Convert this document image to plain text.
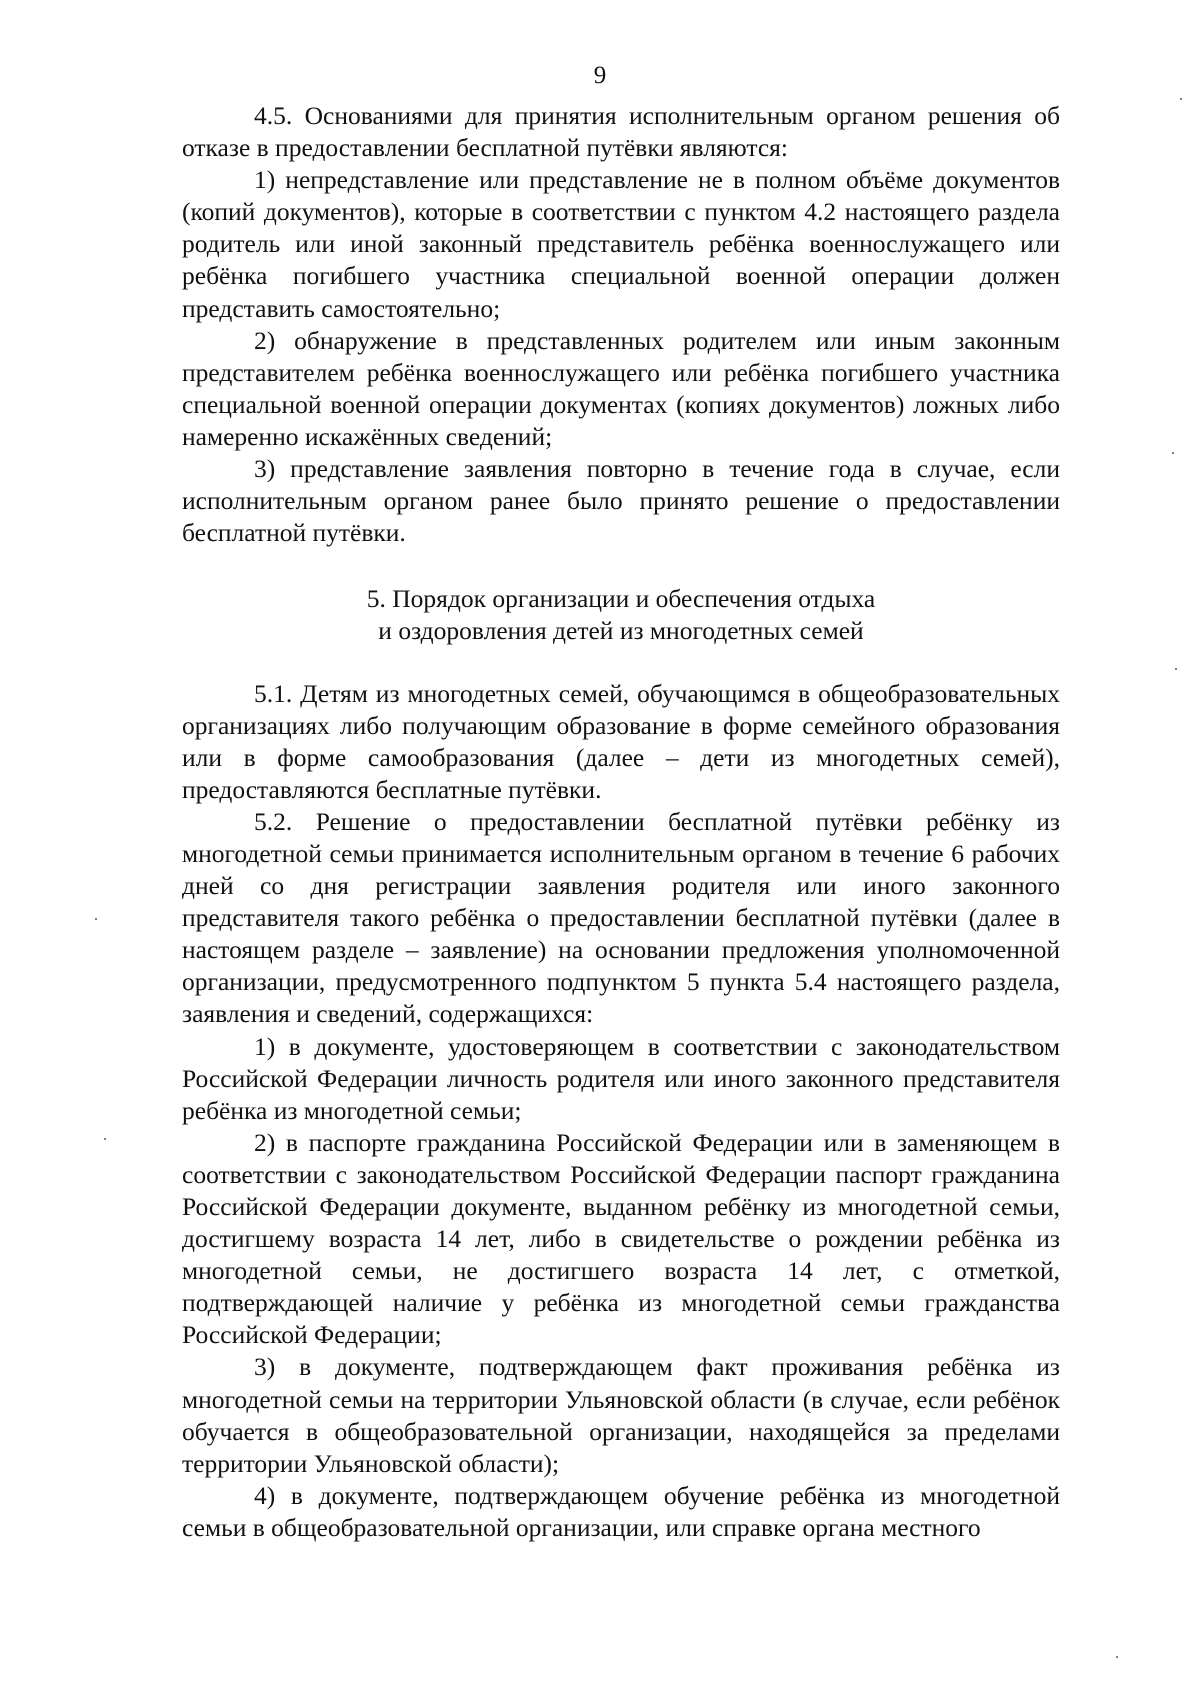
9

4.5. Основаниями для принятия исполнительным органом решения об отказе в предоставлении бесплатной путёвки являются:

1) непредставление или представление не в полном объёме документов (копий документов), которые в соответствии с пунктом 4.2 настоящего раздела родитель или иной законный представитель ребёнка военнослужащего или ребёнка погибшего участника специальной военной операции должен представить самостоятельно;

2) обнаружение в представленных родителем или иным законным представителем ребёнка военнослужащего или ребёнка погибшего участника специальной военной операции документах (копиях документов) ложных либо намеренно искажённых сведений;

3) представление заявления повторно в течение года в случае, если исполнительным органом ранее было принято решение о предоставлении бесплатной путёвки.

5. Порядок организации и обеспечения отдыха
и оздоровления детей из многодетных семей

5.1. Детям из многодетных семей, обучающимся в общеобразовательных организациях либо получающим образование в форме семейного образования или в форме самообразования (далее – дети из многодетных семей), предоставляются бесплатные путёвки.

5.2. Решение о предоставлении бесплатной путёвки ребёнку из многодетной семьи принимается исполнительным органом в течение 6 рабочих дней со дня регистрации заявления родителя или иного законного представителя такого ребёнка о предоставлении бесплатной путёвки (далее в настоящем разделе – заявление) на основании предложения уполномоченной организации, предусмотренного подпунктом 5 пункта 5.4 настоящего раздела, заявления и сведений, содержащихся:

1) в документе, удостоверяющем в соответствии с законодательством Российской Федерации личность родителя или иного законного представителя ребёнка из многодетной семьи;

2) в паспорте гражданина Российской Федерации или в заменяющем в соответствии с законодательством Российской Федерации паспорт гражданина Российской Федерации документе, выданном ребёнку из многодетной семьи, достигшему возраста 14 лет, либо в свидетельстве о рождении ребёнка из многодетной семьи, не достигшего возраста 14 лет, с отметкой, подтверждающей наличие у ребёнка из многодетной семьи гражданства Российской Федерации;

3) в документе, подтверждающем факт проживания ребёнка из многодетной семьи на территории Ульяновской области (в случае, если ребёнок обучается в общеобразовательной организации, находящейся за пределами территории Ульяновской области);

4) в документе, подтверждающем обучение ребёнка из многодетной семьи в общеобразовательной организации, или справке органа местного
